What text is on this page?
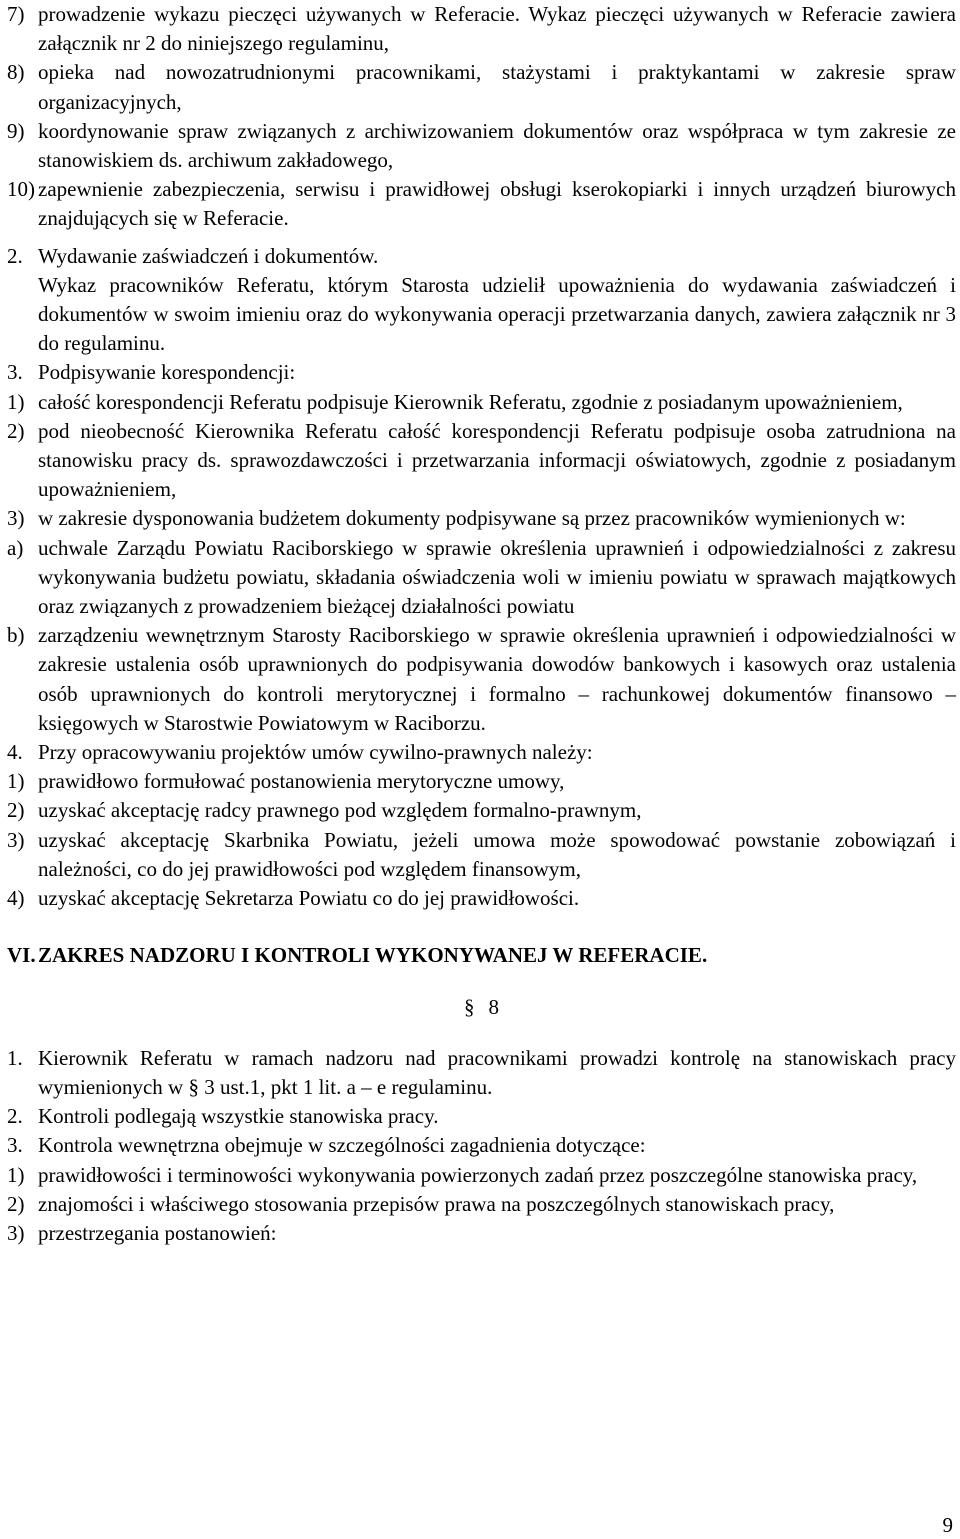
7) prowadzenie wykazu pieczęci używanych w Referacie. Wykaz pieczęci używanych w Referacie zawiera załącznik nr 2 do niniejszego regulaminu,
8) opieka nad nowozatrudnionymi pracownikami, stażystami i praktykantami w zakresie spraw organizacyjnych,
9) koordynowanie spraw związanych z archiwizowaniem dokumentów oraz współpraca w tym zakresie ze stanowiskiem ds. archiwum zakładowego,
10) zapewnienie zabezpieczenia, serwisu i prawidłowej obsługi kserokopiarki i innych urządzeń biurowych znajdujących się w Referacie.
2. Wydawanie zaświadczeń i dokumentów.
Wykaz pracowników Referatu, którym Starosta udzielił upoważnienia do wydawania zaświadczeń i dokumentów w swoim imieniu oraz do wykonywania operacji przetwarzania danych, zawiera załącznik nr 3 do regulaminu.
3. Podpisywanie korespondencji:
1) całość korespondencji Referatu podpisuje Kierownik Referatu, zgodnie z posiadanym upoważnieniem,
2) pod nieobecność Kierownika Referatu całość korespondencji Referatu podpisuje osoba zatrudniona na stanowisku pracy ds. sprawozdawczości i przetwarzania informacji oświatowych, zgodnie z posiadanym upoważnieniem,
3) w zakresie dysponowania budżetem dokumenty podpisywane są przez pracowników wymienionych w:
a) uchwale Zarządu Powiatu Raciborskiego w sprawie określenia uprawnień i odpowiedzialności z zakresu wykonywania budżetu powiatu, składania oświadczenia woli w imieniu powiatu w sprawach majątkowych oraz związanych z prowadzeniem bieżącej działalności powiatu
b) zarządzeniu wewnętrznym Starosty Raciborskiego w sprawie określenia uprawnień i odpowiedzialności w zakresie ustalenia osób uprawnionych do podpisywania dowodów bankowych i kasowych oraz ustalenia osób uprawnionych do kontroli merytorycznej i formalno – rachunkowej dokumentów finansowo – księgowych w Starostwie Powiatowym w Raciborzu.
4. Przy opracowywaniu projektów umów cywilno-prawnych należy:
1) prawidłowo formułować postanowienia merytoryczne umowy,
2) uzyskać akceptację radcy prawnego pod względem formalno-prawnym,
3) uzyskać akceptację Skarbnika Powiatu, jeżeli umowa może spowodować powstanie zobowiązań i należności, co do jej prawidłowości pod względem finansowym,
4) uzyskać akceptację Sekretarza Powiatu co do jej prawidłowości.
VI. ZAKRES NADZORU I KONTROLI WYKONYWANEJ W REFERACIE.
§ 8
1. Kierownik Referatu w ramach nadzoru nad pracownikami prowadzi kontrolę na stanowiskach pracy wymienionych w § 3 ust.1, pkt 1 lit. a – e regulaminu.
2. Kontroli podlegają wszystkie stanowiska pracy.
3. Kontrola wewnętrzna obejmuje w szczególności zagadnienia dotyczące:
1) prawidłowości i terminowości wykonywania powierzonych zadań przez poszczególne stanowiska pracy,
2) znajomości i właściwego stosowania przepisów prawa na poszczególnych stanowiskach pracy,
3) przestrzegania postanowień:
9
